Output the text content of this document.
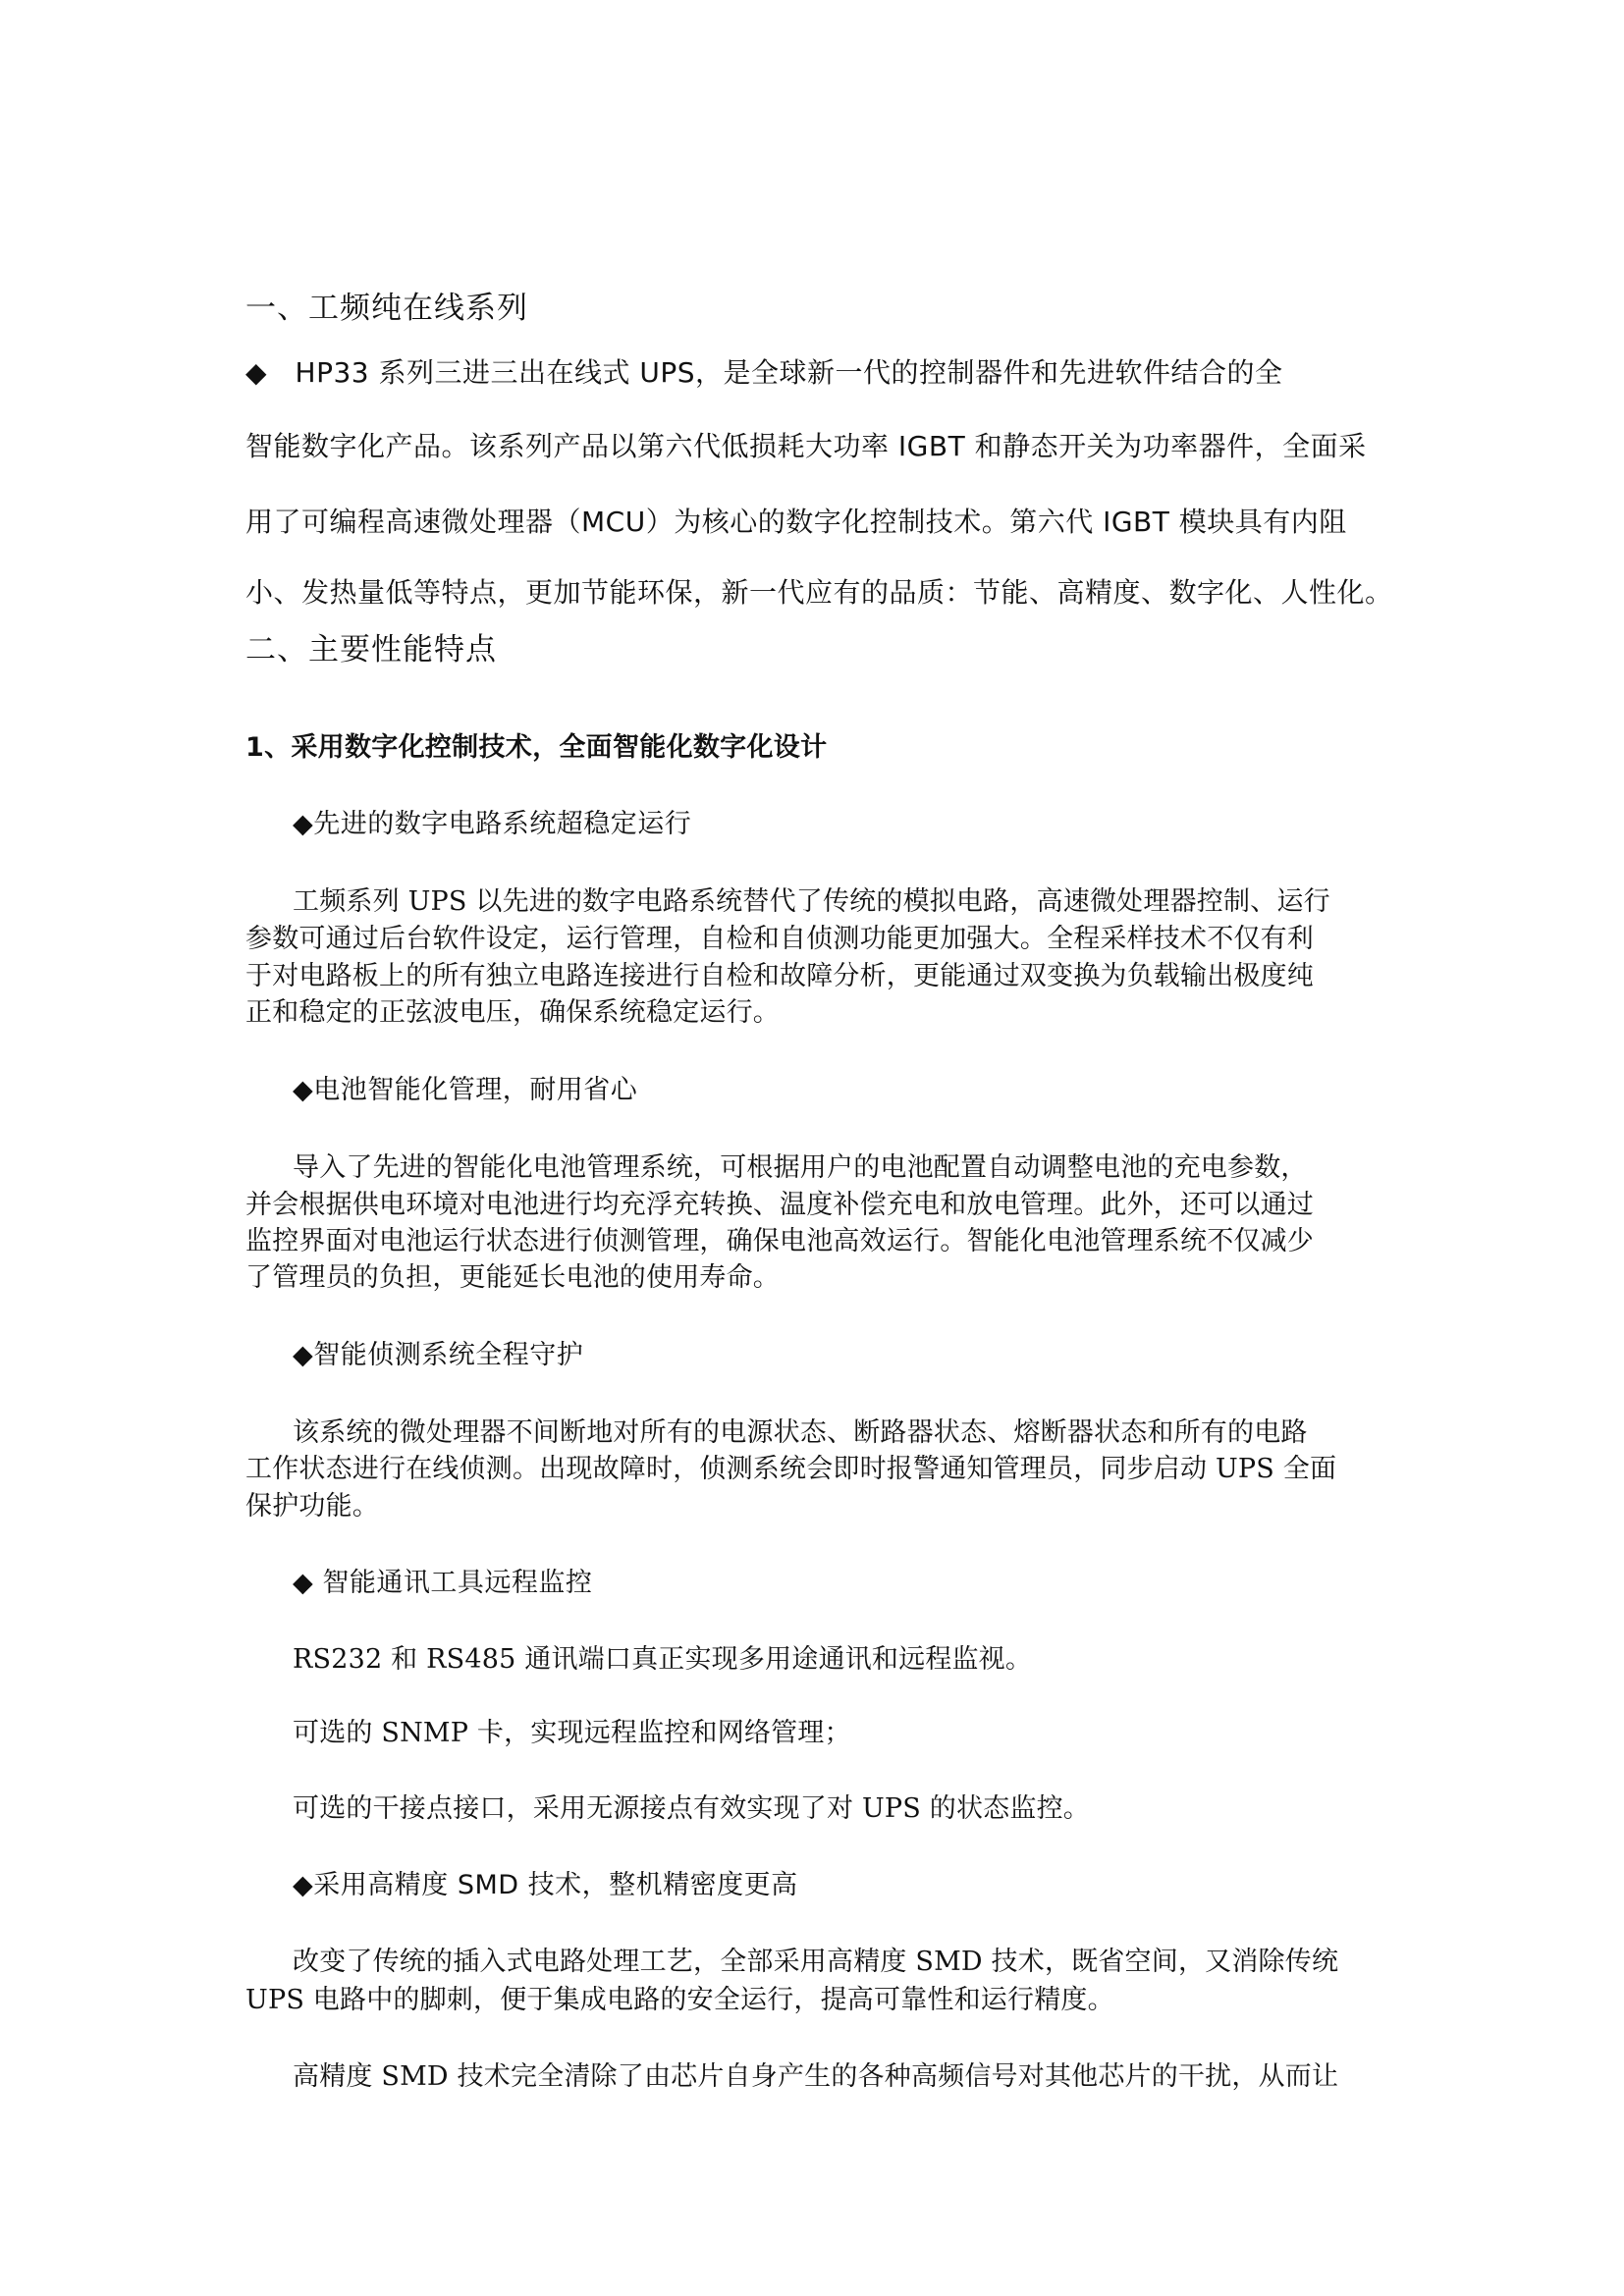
一、工频纯在线系列

◆　HP33 系列三进三出在线式 UPS，是全球新一代的控制器件和先进软件结合的全

智能数字化产品。该系列产品以第六代低损耗大功率 IGBT 和静态开关为功率器件，全面采

用了可编程高速微处理器（MCU）为核心的数字化控制技术。第六代 IGBT 模块具有内阻

小、发热量低等特点，更加节能环保，新一代应有的品质：节能、高精度、数字化、人性化。

二、主要性能特点

1、采用数字化控制技术，全面智能化数字化设计

◆先进的数字电路系统超稳定运行

工频系列 UPS 以先进的数字电路系统替代了传统的模拟电路，高速微处理器控制、运行

参数可通过后台软件设定，运行管理，自检和自侦测功能更加强大。全程采样技术不仅有利

于对电路板上的所有独立电路连接进行自检和故障分析，更能通过双变换为负载输出极度纯

正和稳定的正弦波电压，确保系统稳定运行。

◆电池智能化管理，耐用省心

导入了先进的智能化电池管理系统，可根据用户的电池配置自动调整电池的充电参数，

并会根据供电环境对电池进行均充浮充转换、温度补偿充电和放电管理。此外，还可以通过

监控界面对电池运行状态进行侦测管理，确保电池高效运行。智能化电池管理系统不仅减少

了管理员的负担，更能延长电池的使用寿命。

◆智能侦测系统全程守护

该系统的微处理器不间断地对所有的电源状态、断路器状态、熔断器状态和所有的电路

工作状态进行在线侦测。出现故障时，侦测系统会即时报警通知管理员，同步启动 UPS 全面

保护功能。

◆ 智能通讯工具远程监控

RS232 和 RS485 通讯端口真正实现多用途通讯和远程监视。

可选的 SNMP 卡，实现远程监控和网络管理；

可选的干接点接口，采用无源接点有效实现了对 UPS 的状态监控。

◆采用高精度 SMD 技术，整机精密度更高

改变了传统的插入式电路处理工艺，全部采用高精度 SMD 技术，既省空间，又消除传统

UPS 电路中的脚刺，便于集成电路的安全运行，提高可靠性和运行精度。

高精度 SMD 技术完全清除了由芯片自身产生的各种高频信号对其他芯片的干扰，从而让
